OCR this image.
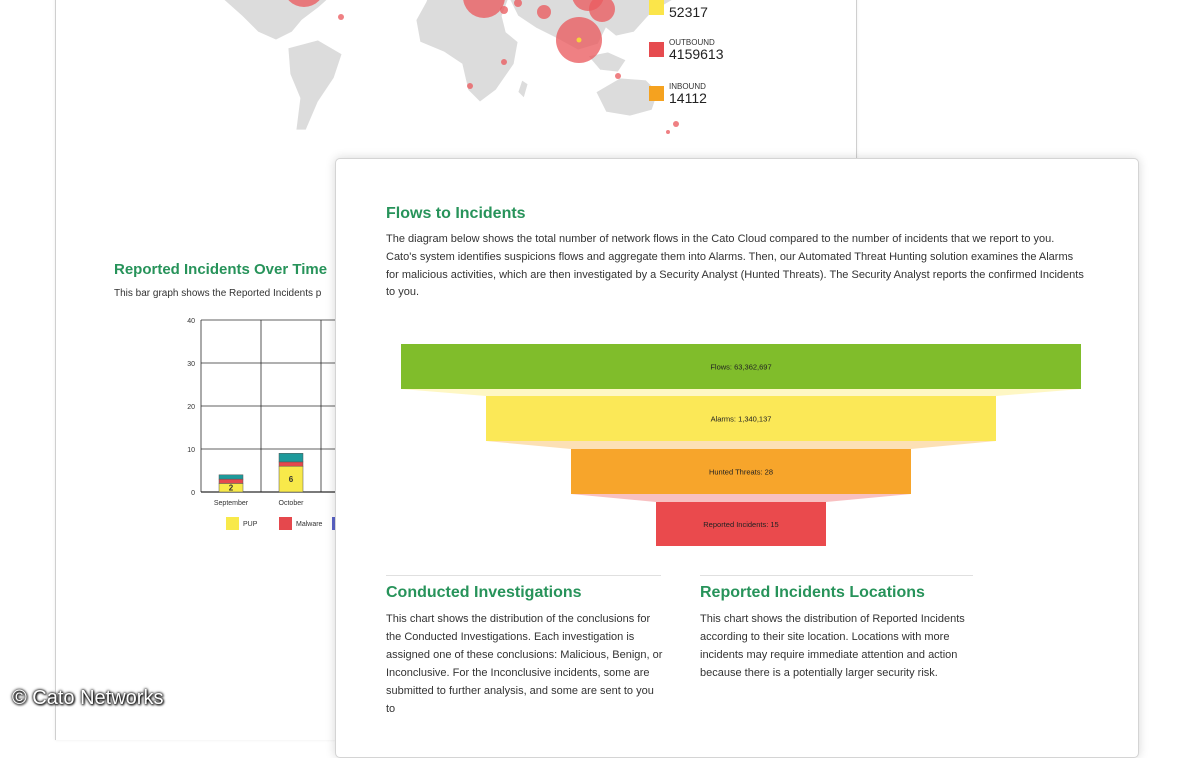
52317
OUTBOUND
4159613
INBOUND
14112
Reported Incidents Over Time
This bar graph shows the Reported Incidents p
0
10
20
30
40
September
2
October
6
PUP	Malware
Flows to Incidents
The diagram below shows the total number of network flows in the Cato Cloud compared to the number of incidents that we report to you. Cato's system identifies suspicions flows and aggregate them into Alarms. Then, our Automated Threat Hunting solution examines the Alarms for malicious activities, which are then investigated by a Security Analyst (Hunted Threats). The Security Analyst reports the confirmed Incidents to you.
Flows: 63,362,697
Alarms: 1,340,137
Hunted Threats: 28
Reported Incidents: 15
Conducted Investigations
This chart shows the distribution of the conclusions for the Conducted Investigations. Each investigation is assigned one of these conclusions: Malicious, Benign, or Inconclusive. For the Inconclusive incidents, some are submitted to further analysis, and some are sent to you to
Reported Incidents Locations
This chart shows the distribution of Reported Incidents according to their site location. Locations with more incidents may require immediate attention and action because there is a potentially larger security risk.
© Cato Networks
